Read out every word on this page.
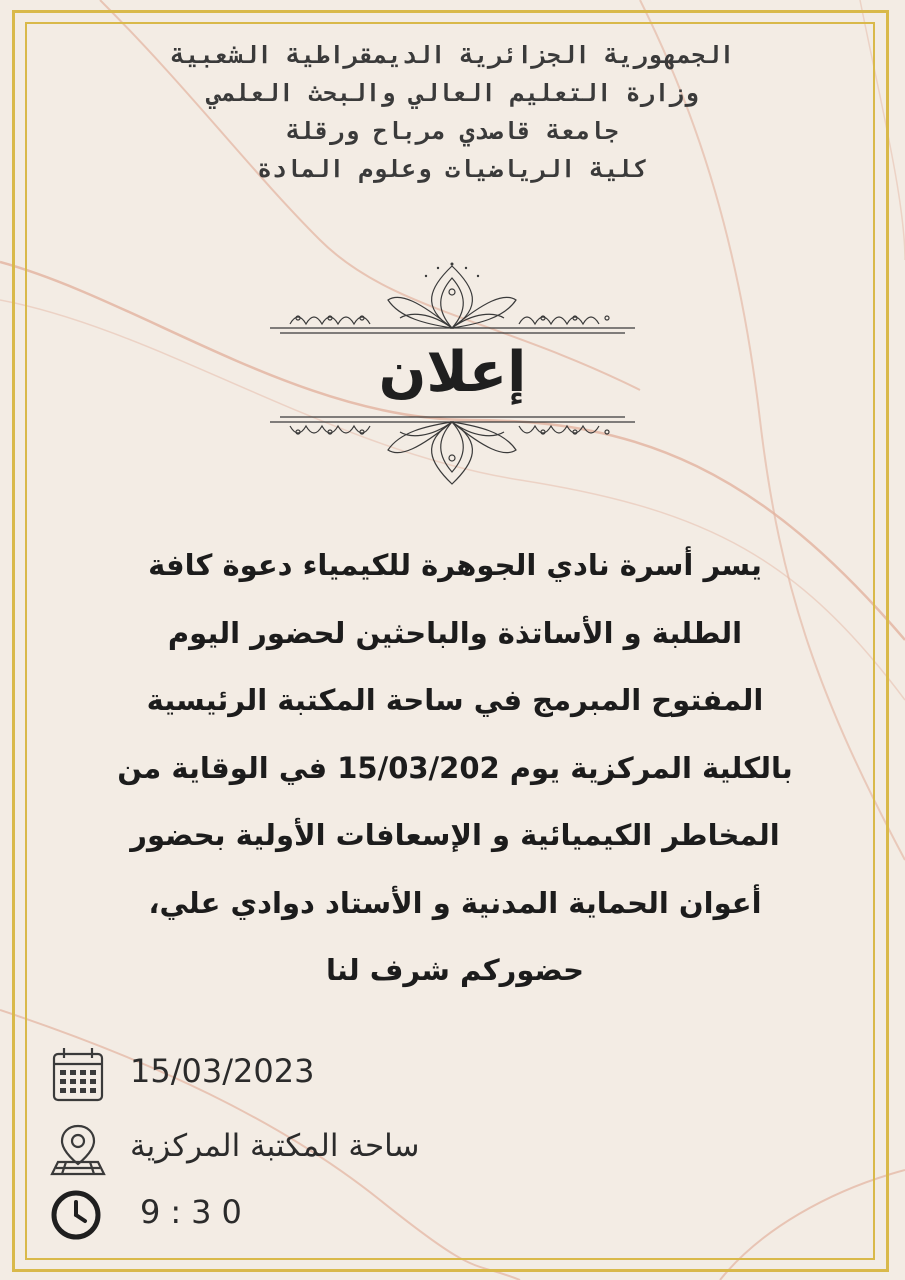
الجمهورية الجزائرية الديمقراطية الشعبية
وزارة التعليم العالي والبحث العلمي
جامعة قاصدي مرباح ورقلة
كلية الرياضيات وعلوم المادة
إعلان
يسر أسرة نادي الجوهرة للكيمياء دعوة كافة
الطلبة و الأساتذة والباحثين لحضور اليوم
المفتوح المبرمج في ساحة المكتبة الرئيسية
بالكلية المركزية يوم 15/03/202 في الوقاية من
المخاطر الكيميائية و الإسعافات الأولية بحضور
أعوان الحماية المدنية و الأستاد دوادي علي،
حضوركم شرف لنا
15/03/2023
ساحة المكتبة المركزية
9:30
